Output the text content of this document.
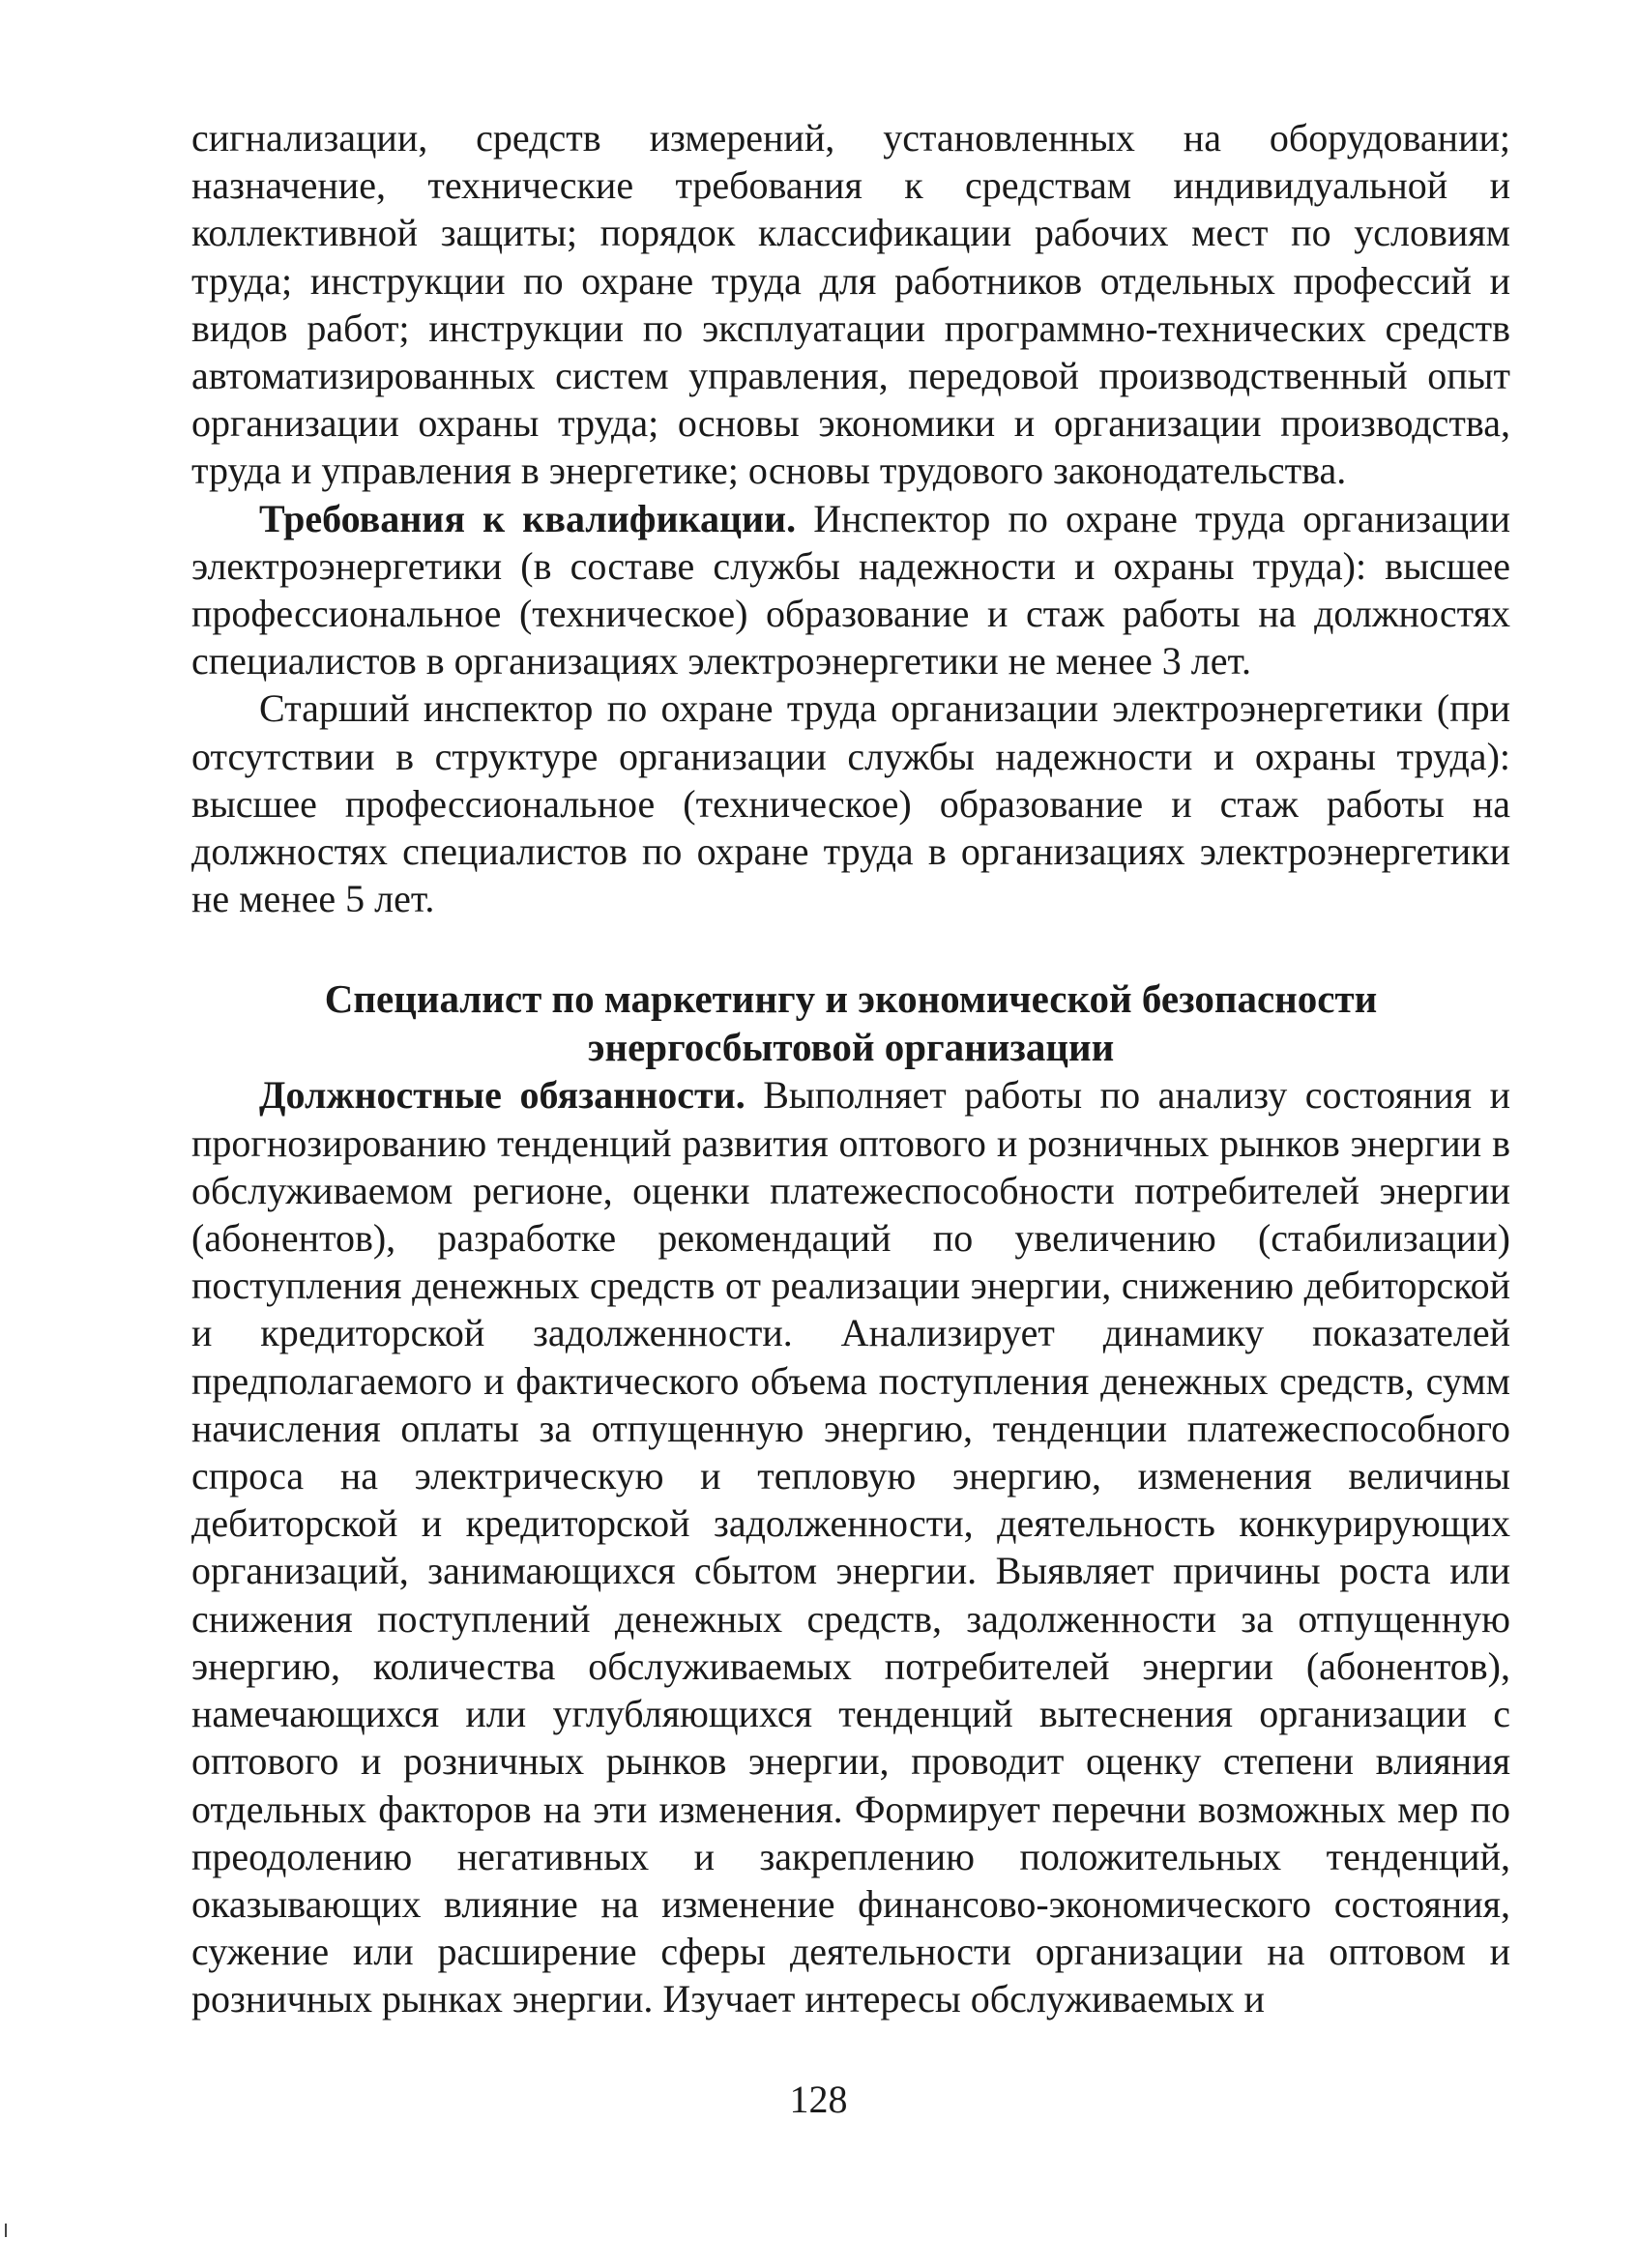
сигнализации, средств измерений, установленных на оборудовании; назначение, технические требования к средствам индивидуальной и коллективной защиты; порядок классификации рабочих мест по условиям труда; инструкции по охране труда для работников отдельных профессий и видов работ; инструкции по эксплуатации программно-технических средств автоматизированных систем управления, передовой производственный опыт организации охраны труда; основы экономики и организации производства, труда и управления в энергетике; основы трудового законодательства.

Требования к квалификации. Инспектор по охране труда организации электроэнергетики (в составе службы надежности и охраны труда): высшее профессиональное (техническое) образование и стаж работы на должностях специалистов в организациях электроэнергетики не менее 3 лет.

Старший инспектор по охране труда организации электроэнергетики (при отсутствии в структуре организации службы надежности и охраны труда): высшее профессиональное (техническое) образование и стаж работы на должностях специалистов по охране труда в организациях электроэнергетики не менее 5 лет.

Специалист по маркетингу и экономической безопасности
энергосбытовой организации

Должностные обязанности. Выполняет работы по анализу состояния и прогнозированию тенденций развития оптового и розничных рынков энергии в обслуживаемом регионе, оценки платежеспособности потребителей энергии (абонентов), разработке рекомендаций по увеличению (стабилизации) поступления денежных средств от реализации энергии, снижению дебиторской и кредиторской задолженности. Анализирует динамику показателей предполагаемого и фактического объема поступления денежных средств, сумм начисления оплаты за отпущенную энергию, тенденции платежеспособного спроса на электрическую и тепловую энергию, изменения величины дебиторской и кредиторской задолженности, деятельность конкурирующих организаций, занимающихся сбытом энергии. Выявляет причины роста или снижения поступлений денежных средств, задолженности за отпущенную энергию, количества обслуживаемых потребителей энергии (абонентов), намечающихся или углубляющихся тенденций вытеснения организации с оптового и розничных рынков энергии, проводит оценку степени влияния отдельных факторов на эти изменения. Формирует перечни возможных мер по преодолению негативных и закреплению положительных тенденций, оказывающих влияние на изменение финансово-экономического состояния, сужение или расширение сферы деятельности организации на оптовом и розничных рынках энергии. Изучает интересы обслуживаемых и

128
